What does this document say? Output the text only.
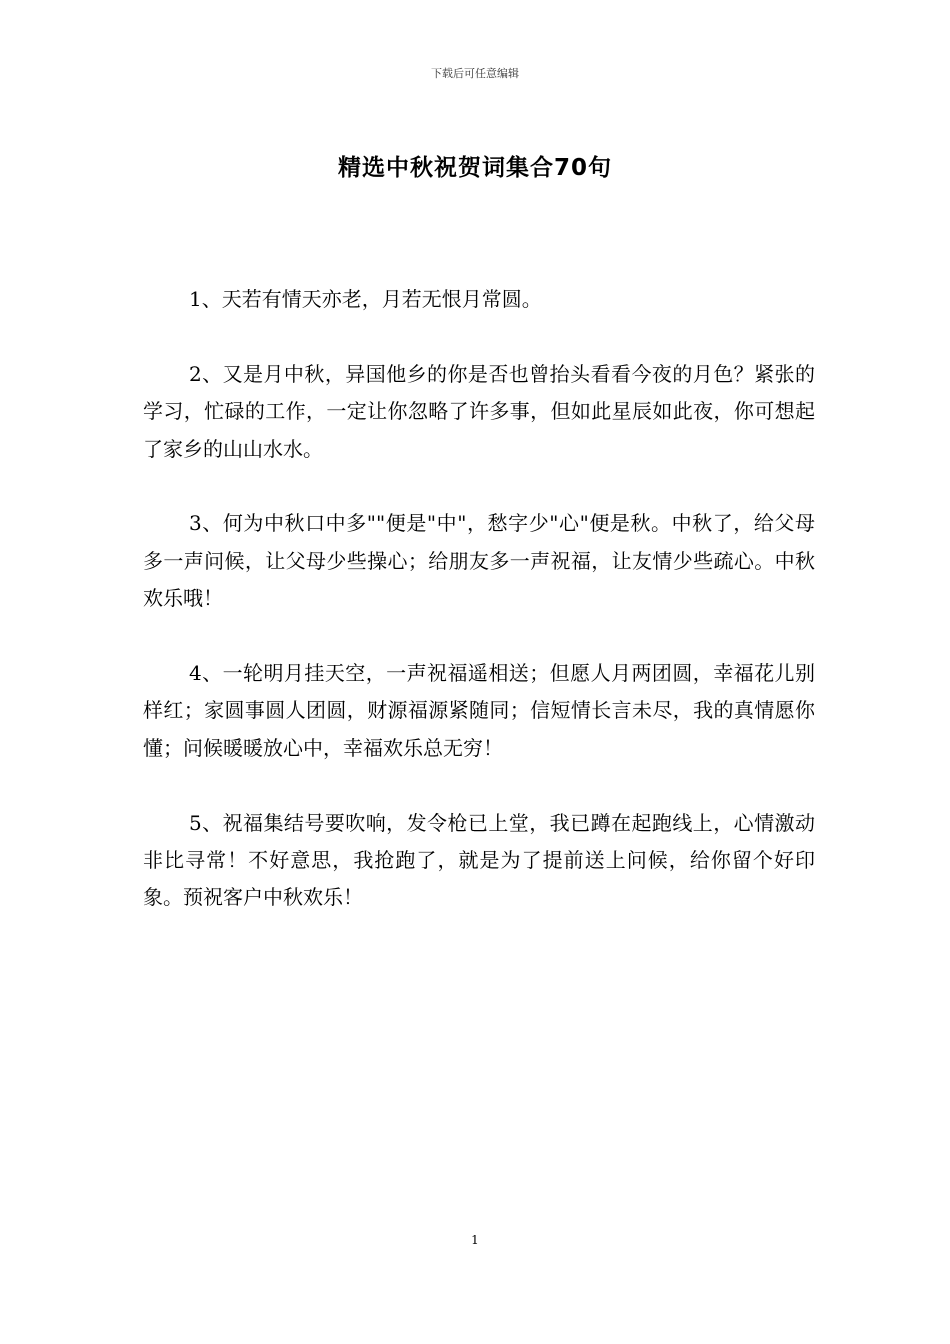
下载后可任意编辑
精选中秋祝贺词集合70句

1、天若有情天亦老，月若无恨月常圆。

2、又是月中秋，异国他乡的你是否也曾抬头看看今夜的月色？紧张的学习，忙碌的工作，一定让你忽略了许多事，但如此星辰如此夜，你可想起了家乡的山山水水。

3、何为中秋口中多""便是"中"，愁字少"心"便是秋。中秋了，给父母多一声问候，让父母少些操心；给朋友多一声祝福，让友情少些疏心。中秋欢乐哦！

4、一轮明月挂天空，一声祝福遥相送；但愿人月两团圆，幸福花儿别样红；家圆事圆人团圆，财源福源紧随同；信短情长言未尽，我的真情愿你懂；问候暖暖放心中，幸福欢乐总无穷！

5、祝福集结号要吹响，发令枪已上堂，我已蹲在起跑线上，心情激动非比寻常！不好意思，我抢跑了，就是为了提前送上问候，给你留个好印象。预祝客户中秋欢乐！

1
